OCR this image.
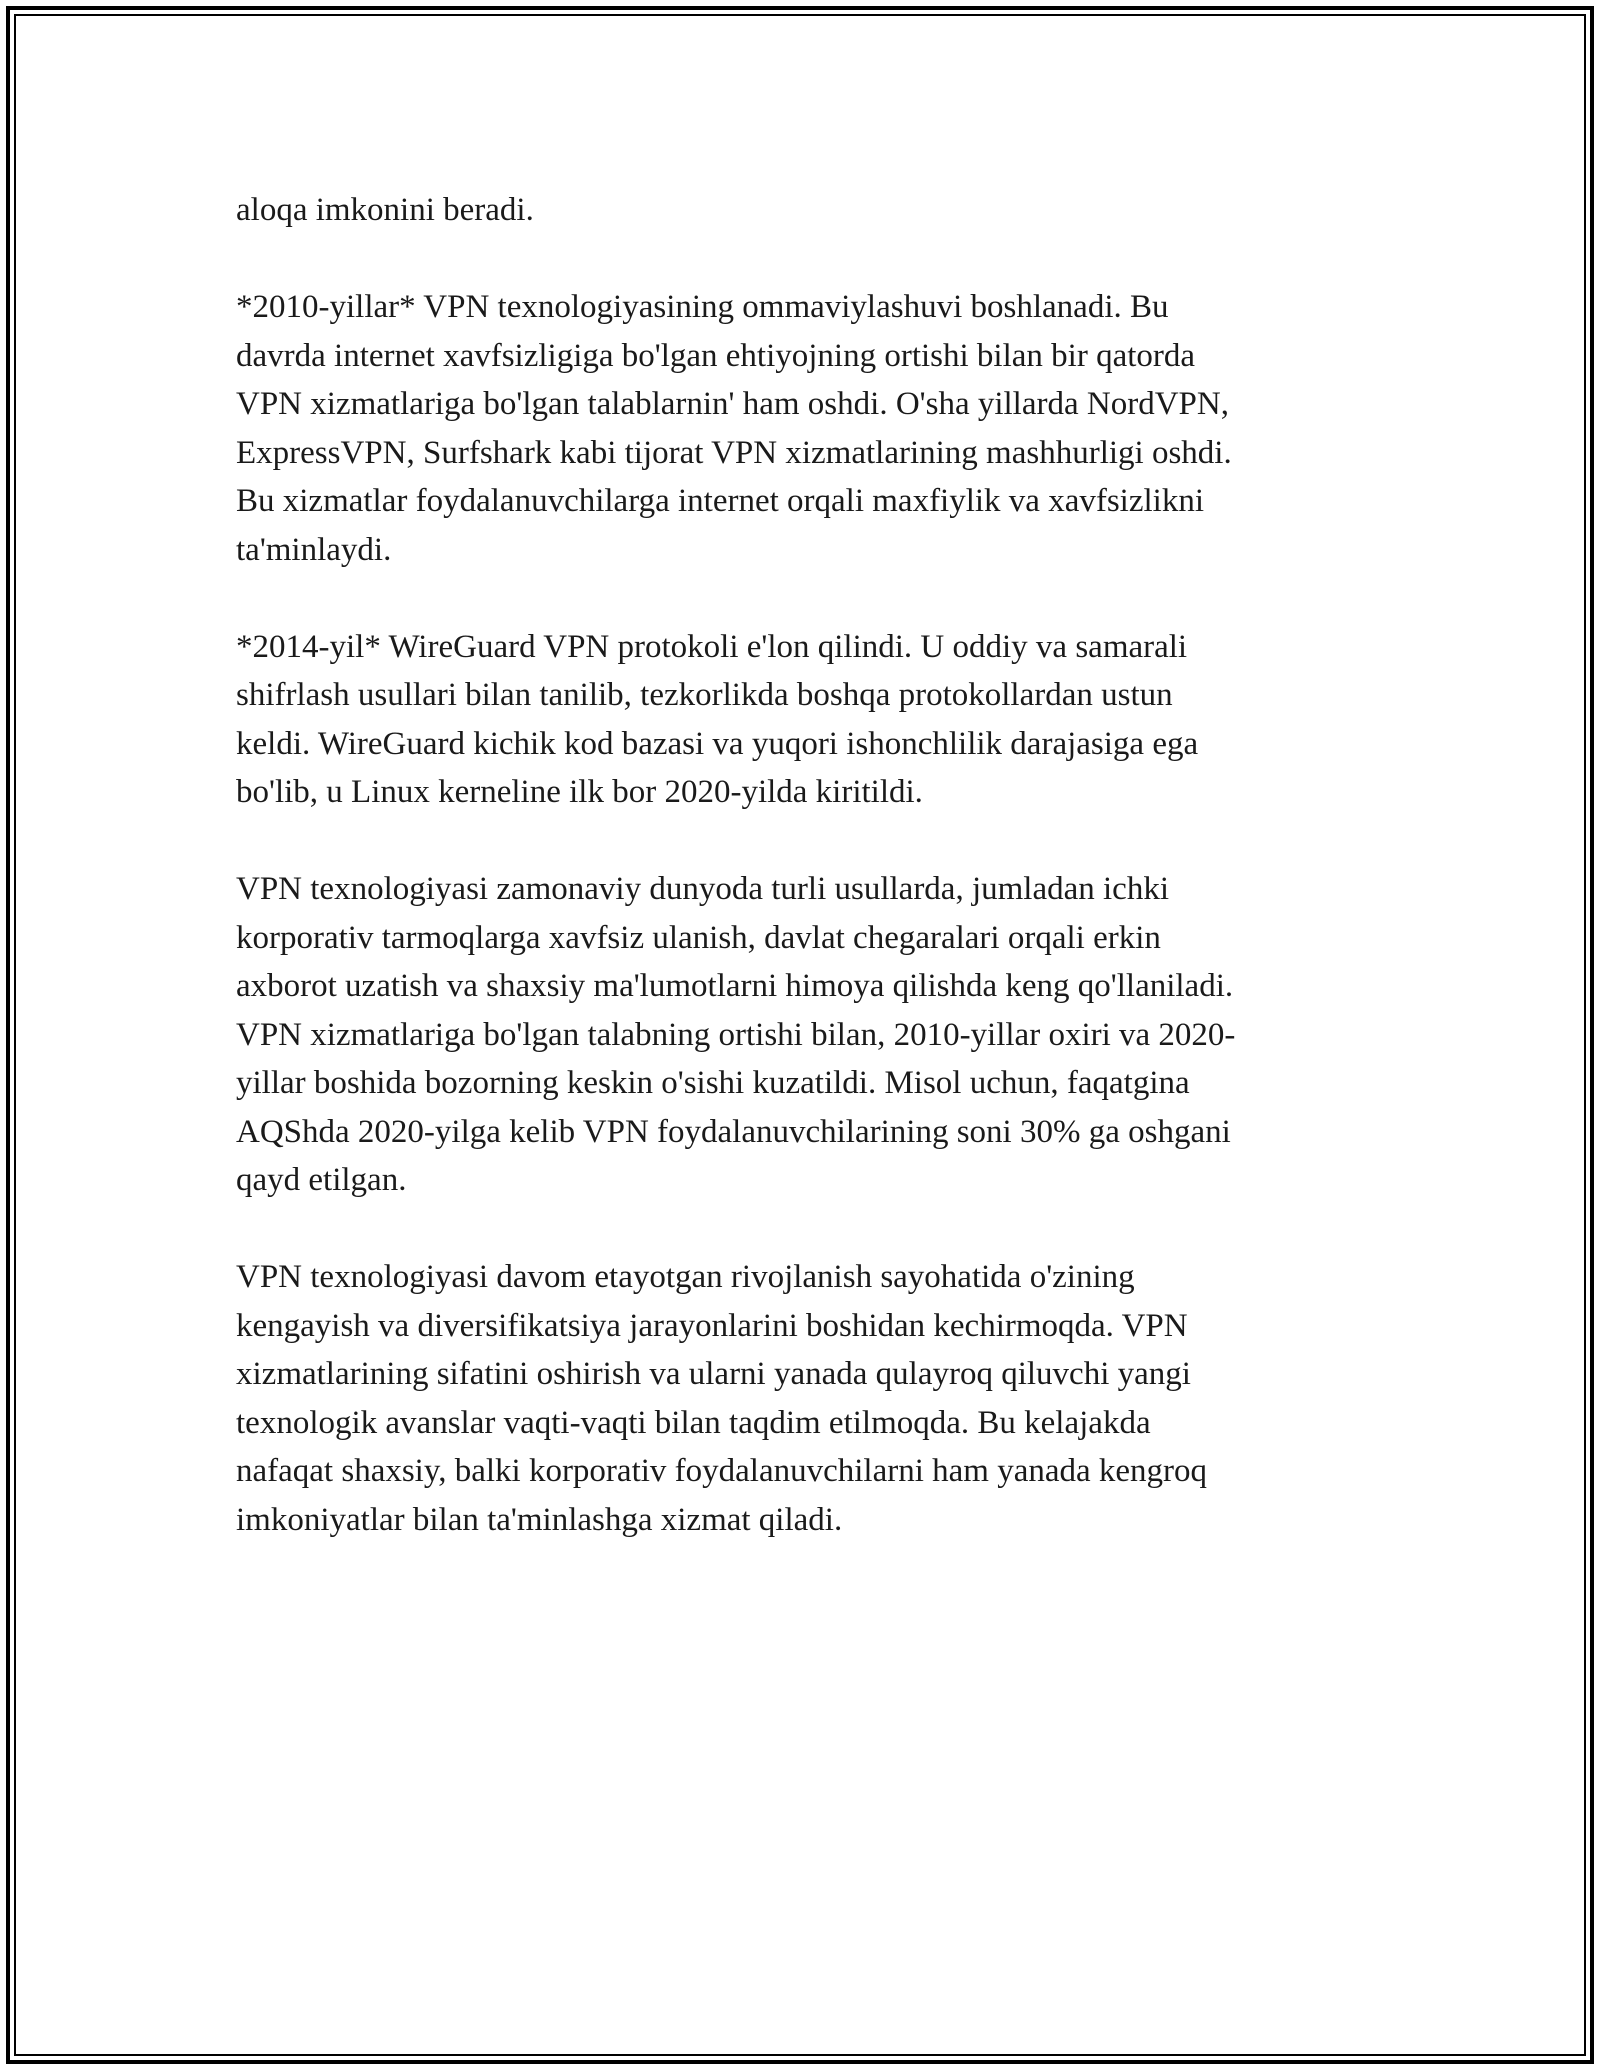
aloqa imkonini beradi.

*2010-yillar* VPN texnologiyasining ommaviylashuvi boshlanadi. Bu
davrda internet xavfsizligiga bo'lgan ehtiyojning ortishi bilan bir qatorda
VPN xizmatlariga bo'lgan talablarnin' ham oshdi. O'sha yillarda NordVPN,
ExpressVPN, Surfshark kabi tijorat VPN xizmatlarining mashhurligi oshdi.
Bu xizmatlar foydalanuvchilarga internet orqali maxfiylik va xavfsizlikni
ta'minlaydi.

*2014-yil* WireGuard VPN protokoli e'lon qilindi. U oddiy va samarali
shifrlash usullari bilan tanilib, tezkorlikda boshqa protokollardan ustun
keldi. WireGuard kichik kod bazasi va yuqori ishonchlilik darajasiga ega
bo'lib, u Linux kerneline ilk bor 2020-yilda kiritildi.

VPN texnologiyasi zamonaviy dunyoda turli usullarda, jumladan ichki
korporativ tarmoqlarga xavfsiz ulanish, davlat chegaralari orqali erkin
axborot uzatish va shaxsiy ma'lumotlarni himoya qilishda keng qo'llaniladi.
VPN xizmatlariga bo'lgan talabning ortishi bilan, 2010-yillar oxiri va 2020-
yillar boshida bozorning keskin o'sishi kuzatildi. Misol uchun, faqatgina
AQShda 2020-yilga kelib VPN foydalanuvchilarining soni 30% ga oshgani
qayd etilgan.

VPN texnologiyasi davom etayotgan rivojlanish sayohatida o'zining
kengayish va diversifikatsiya jarayonlarini boshidan kechirmoqda. VPN
xizmatlarining sifatini oshirish va ularni yanada qulayroq qiluvchi yangi
texnologik avanslar vaqti-vaqti bilan taqdim etilmoqda. Bu kelajakda
nafaqat shaxsiy, balki korporativ foydalanuvchilarni ham yanada kengroq
imkoniyatlar bilan ta'minlashga xizmat qiladi.
